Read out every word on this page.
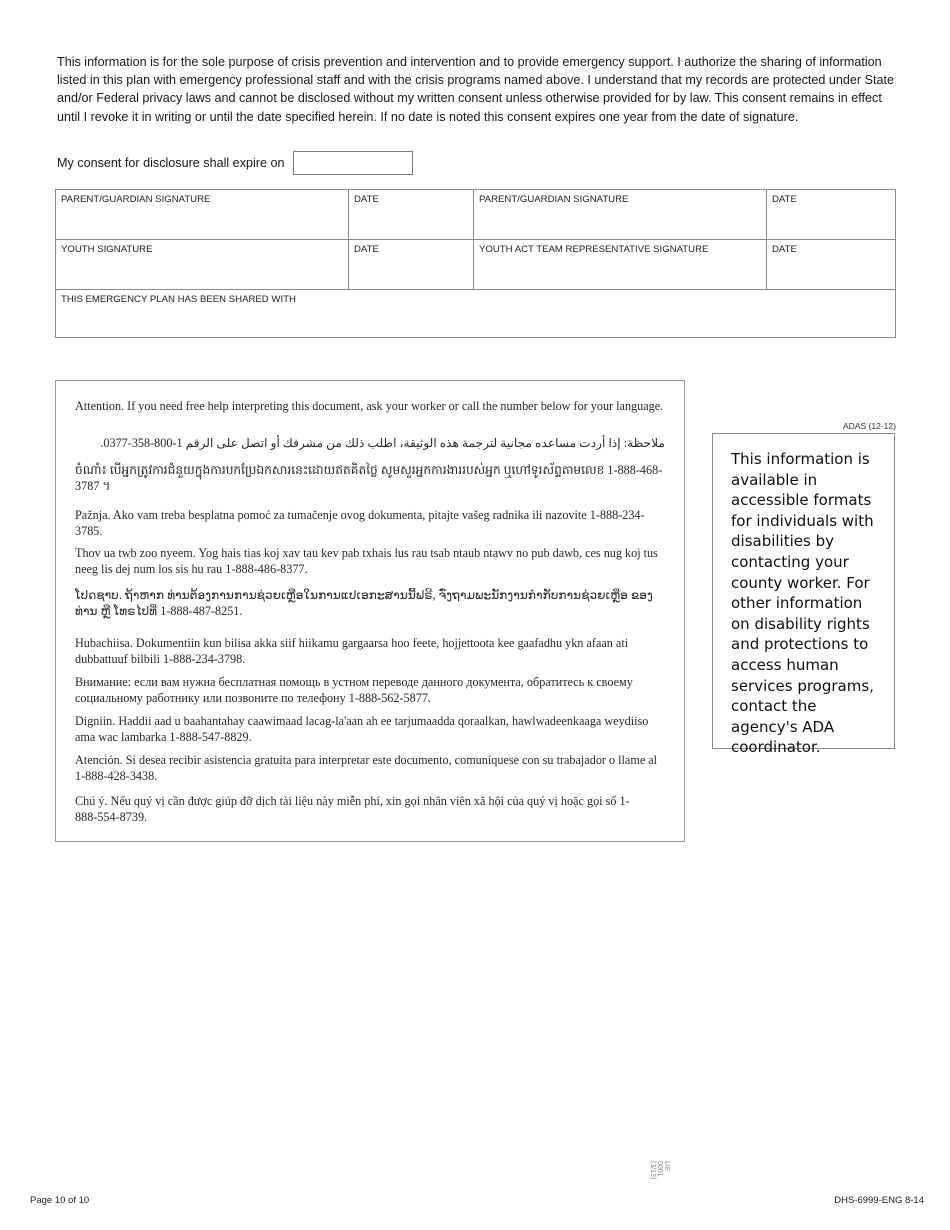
This information is for the sole purpose of crisis prevention and intervention and to provide emergency support. I authorize the sharing of information listed in this plan with emergency professional staff and with the crisis programs named above. I understand that my records are protected under State and/or Federal privacy laws and cannot be disclosed without my written consent unless otherwise provided for by law. This consent remains in effect until I revoke it in writing or until the date specified herein. If no date is noted this consent expires one year from the date of signature.

My consent for disclosure shall expire on
PARENT/GUARDIAN SIGNATURE	DATE	PARENT/GUARDIAN SIGNATURE	DATE
YOUTH SIGNATURE	DATE	YOUTH ACT TEAM REPRESENTATIVE SIGNATURE	DATE
THIS EMERGENCY PLAN HAS BEEN SHARED WITH			

Attention. If you need free help interpreting this document, ask your worker or call the number below for your language.

ملاحظة: إذا أردت مساعده مجانية لترجمة هذه الوثيقة، اطلب ذلك من مشرفك أو اتصل على الرقم 1-800-358-0377.

ចំណាំ៖ បើអ្នកត្រូវការជំនួយក្នុងការបកប្រែឯកសារនេះដោយឥតគិតថ្លៃ សូមសួរអ្នកការងាររបស់អ្នក ឬហៅទូរស័ព្ទតាមលេខ 1-888-468-3787 ។

Pažnja. Ako vam treba besplatna pomoć za tumačenje ovog dokumenta, pitajte vašeg radnika ili nazovite 1-888-234-3785.

Thov ua twb zoo nyeem. Yog hais tias koj xav tau kev pab txhais lus rau tsab ntaub ntawv no pub dawb, ces nug koj tus neeg lis dej num los sis hu rau 1-888-486-8377.

ໂປດຊາບ. ຖ້າຫາກ ທ່ານຕ້ອງການການຊ່ວຍເຫຼືອໃນການແປເອກະສານນີ້ຟຣີ, ຈົ່ງຖາມພະນັກງານກໍາກັບການຊ່ວຍເຫຼືອ ຂອງທ່ານ ຫຼື ໂທຣໄປທີ່ 1-888-487-8251.

Hubachiisa. Dokumentiin kun bilisa akka siif hiikamu gargaarsa hoo feete, hojjettoota kee gaafadhu ykn afaan ati dubbattuuf bilbili 1-888-234-3798.

Внимание: если вам нужна бесплатная помощь в устном переводе данного документа, обратитесь к своему социальному работнику или позвоните по телефону 1-888-562-5877.

Digniin. Haddii aad u baahantahay caawimaad lacag-la'aan ah ee tarjumaadda qoraalkan, hawlwadeenkaaga weydiiso ama wac lambarka 1-888-547-8829.

Atención. Si desea recibir asistencia gratuita para interpretar este documento, comuníquese con su trabajador o llame al 1-888-428-3438.

Chú ý. Nếu quý vị cần được giúp đỡ dịch tài liệu này miễn phí, xin gọi nhân viên xã hội của quý vị hoặc gọi số 1-888-554-8739.

LIE 0001 (3/13)
ADAS (12-12)
This information is available in accessible formats for individuals with disabilities by contacting your county worker. For other information on disability rights and protections to access human services programs, contact the agency's ADA coordinator.
Page 10 of 10	DHS-6999-ENG 8-14
